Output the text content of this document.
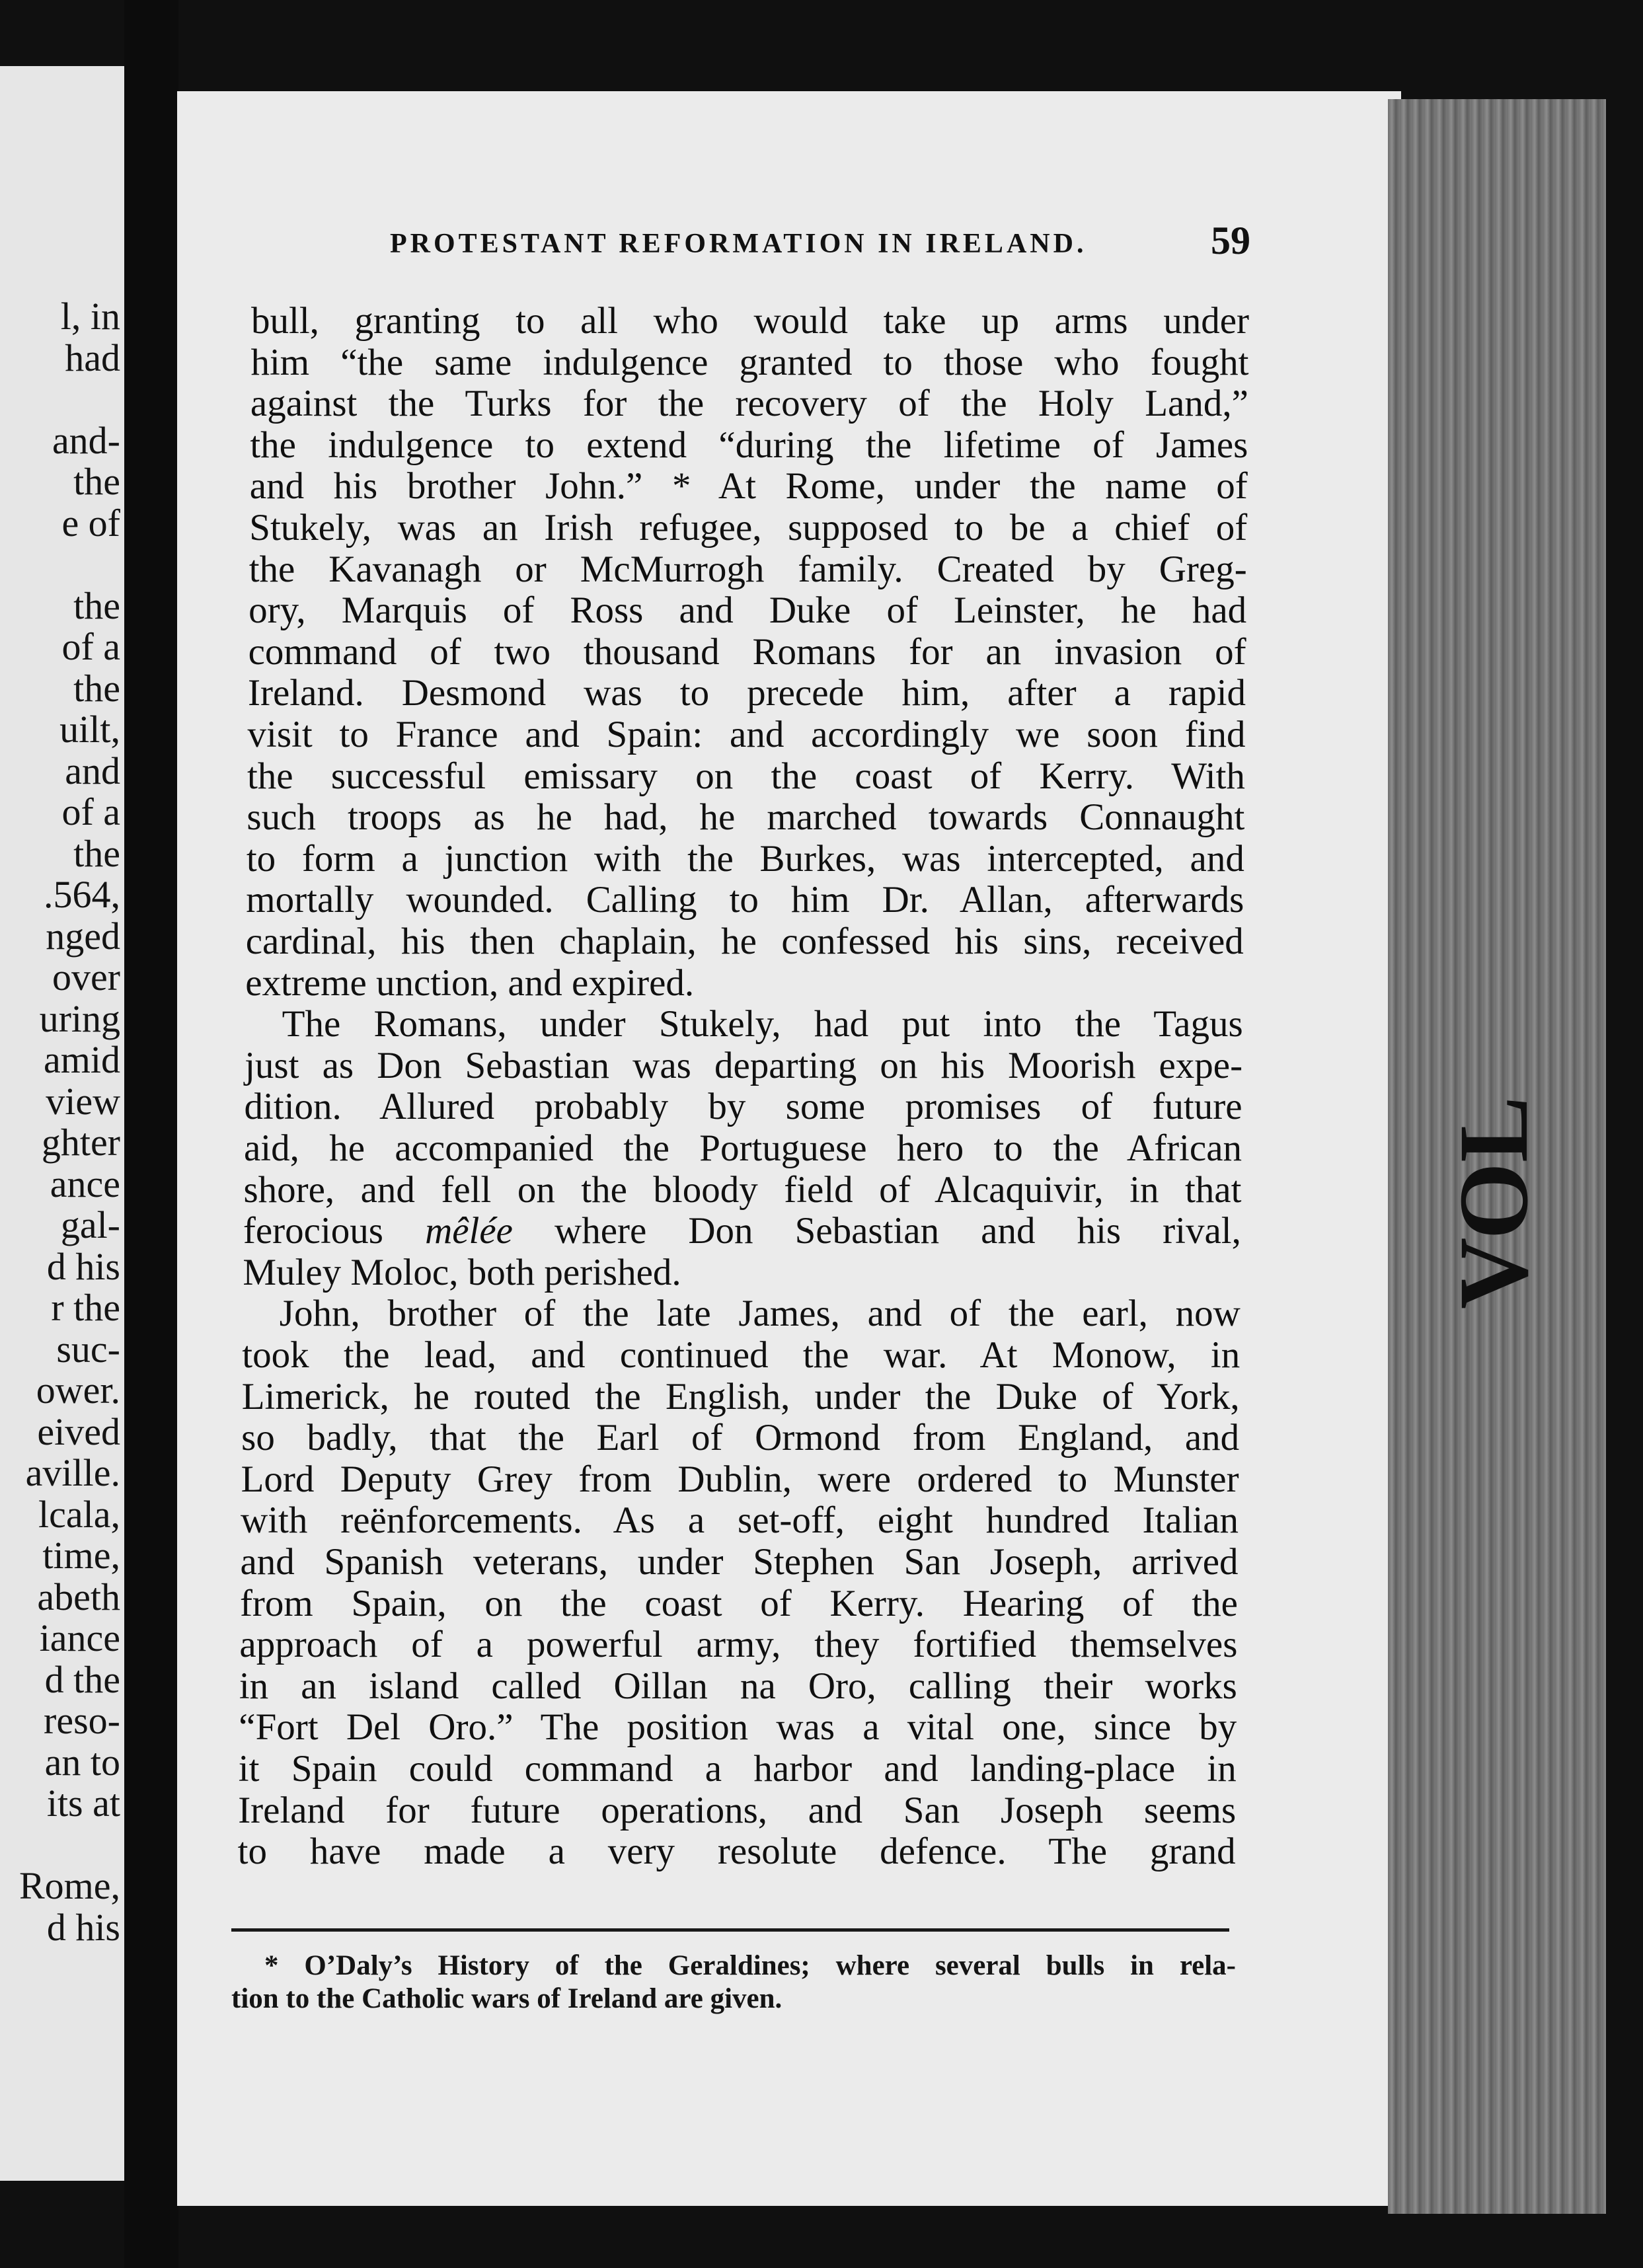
l, in
had
and-
the
e of
the
of a
the
uilt,
and
of a
the
.564,
nged
over
uring
amid
view
ghter
ance
gal-
d his
r the
suc-
ower.
eived
aville.
lcala,
time,
abeth
iance
d the
reso-
an to
its at
Rome,
d his
VOL
PROTESTANT REFORMATION IN IRELAND.	59
bull, granting to all who would take up arms under
him “the same indulgence granted to those who fought
against the Turks for the recovery of the Holy Land,”
the indulgence to extend “during the lifetime of James
and his brother John.” * At Rome, under the name of
Stukely, was an Irish refugee, supposed to be a chief of
the Kavanagh or McMurrogh family. Created by Greg-
ory, Marquis of Ross and Duke of Leinster, he had
command of two thousand Romans for an invasion of
Ireland. Desmond was to precede him, after a rapid
visit to France and Spain: and accordingly we soon find
the successful emissary on the coast of Kerry. With
such troops as he had, he marched towards Connaught
to form a junction with the Burkes, was intercepted, and
mortally wounded. Calling to him Dr. Allan, afterwards
cardinal, his then chaplain, he confessed his sins, received
extreme unction, and expired.
The Romans, under Stukely, had put into the Tagus
just as Don Sebastian was departing on his Moorish expe-
dition. Allured probably by some promises of future
aid, he accompanied the Portuguese hero to the African
shore, and fell on the bloody field of Alcaquivir, in that
ferocious mêlée where Don Sebastian and his rival,
Muley Moloc, both perished.
John, brother of the late James, and of the earl, now
took the lead, and continued the war. At Monow, in
Limerick, he routed the English, under the Duke of York,
so badly, that the Earl of Ormond from England, and
Lord Deputy Grey from Dublin, were ordered to Munster
with reënforcements. As a set-off, eight hundred Italian
and Spanish veterans, under Stephen San Joseph, arrived
from Spain, on the coast of Kerry. Hearing of the
approach of a powerful army, they fortified themselves
in an island called Oillan na Oro, calling their works
“Fort Del Oro.” The position was a vital one, since by
it Spain could command a harbor and landing-place in
Ireland for future operations, and San Joseph seems
to have made a very resolute defence. The grand
* O’Daly’s History of the Geraldines; where several bulls in rela-
tion to the Catholic wars of Ireland are given.
